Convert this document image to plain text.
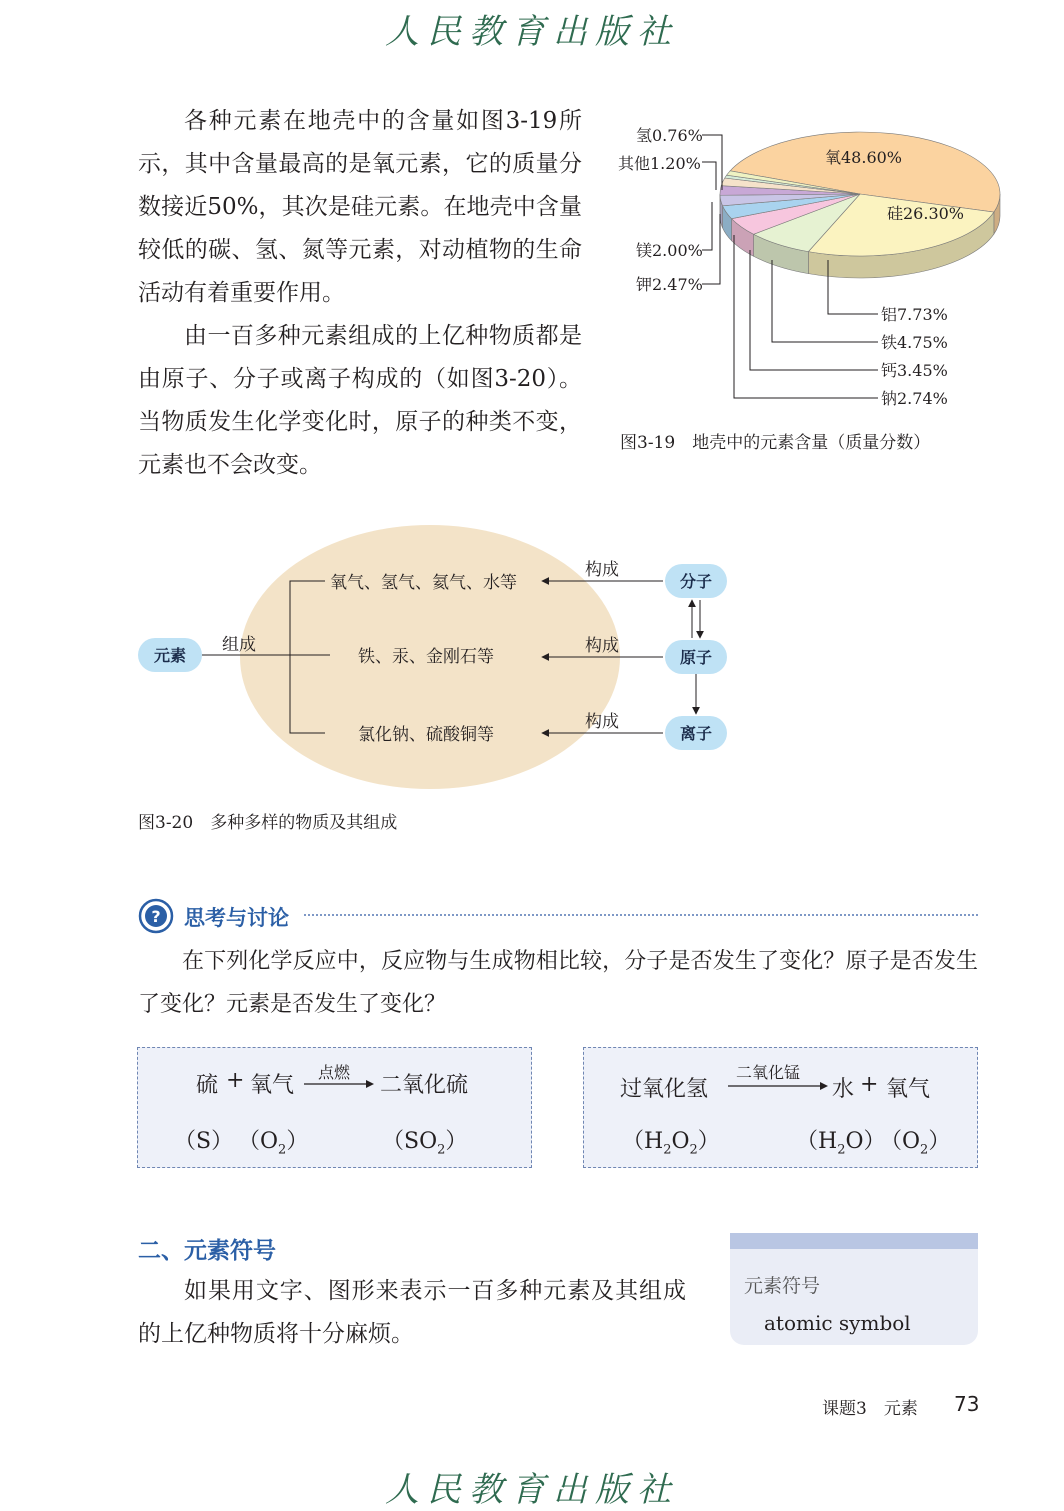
人民教育出版社

各种元素在地壳中的含量如图3-19所示，其中含量最高的是氧元素，它的质量分数接近50%，其次是硅元素。在地壳中含量较低的碳、氢、氮等元素，对动植物的生命活动有着重要作用。

由一百多种元素组成的上亿种物质都是由原子、分子或离子构成的（如图3-20）。当物质发生化学变化时，原子的种类不变，元素也不会改变。

氧48.60%
硅26.30%
氢0.76%
其他1.20%
镁2.00%
钾2.47%
铝7.73%
铁4.75%
钙3.45%
钠2.74%
图3-19　地壳中的元素含量（质量分数）
元素
组成
氧气、氢气、氦气、水等
铁、汞、金刚石等
氯化钠、硫酸铜等
构成
构成
构成
分子
原子
离子
图3-20　多种多样的物质及其组成
? 思考与讨论

在下列化学反应中，反应物与生成物相比较，分子是否发生了变化？原子是否发生了变化？元素是否发生了变化？

硫 + 氧气
点燃
二氧化硫
（S） $(O_2)$	$(SO_2)$
过氧化氢
二氧化锰
水 + 氧气
$(H_2O_2)$	$(H_2O)$
$(O_2)$
二、元素符号

如果用文字、图形来表示一百多种元素及其组成的上亿种物质将十分麻烦。

元素符号
atomic symbol
课题3　元素 73
人民教育出版社
